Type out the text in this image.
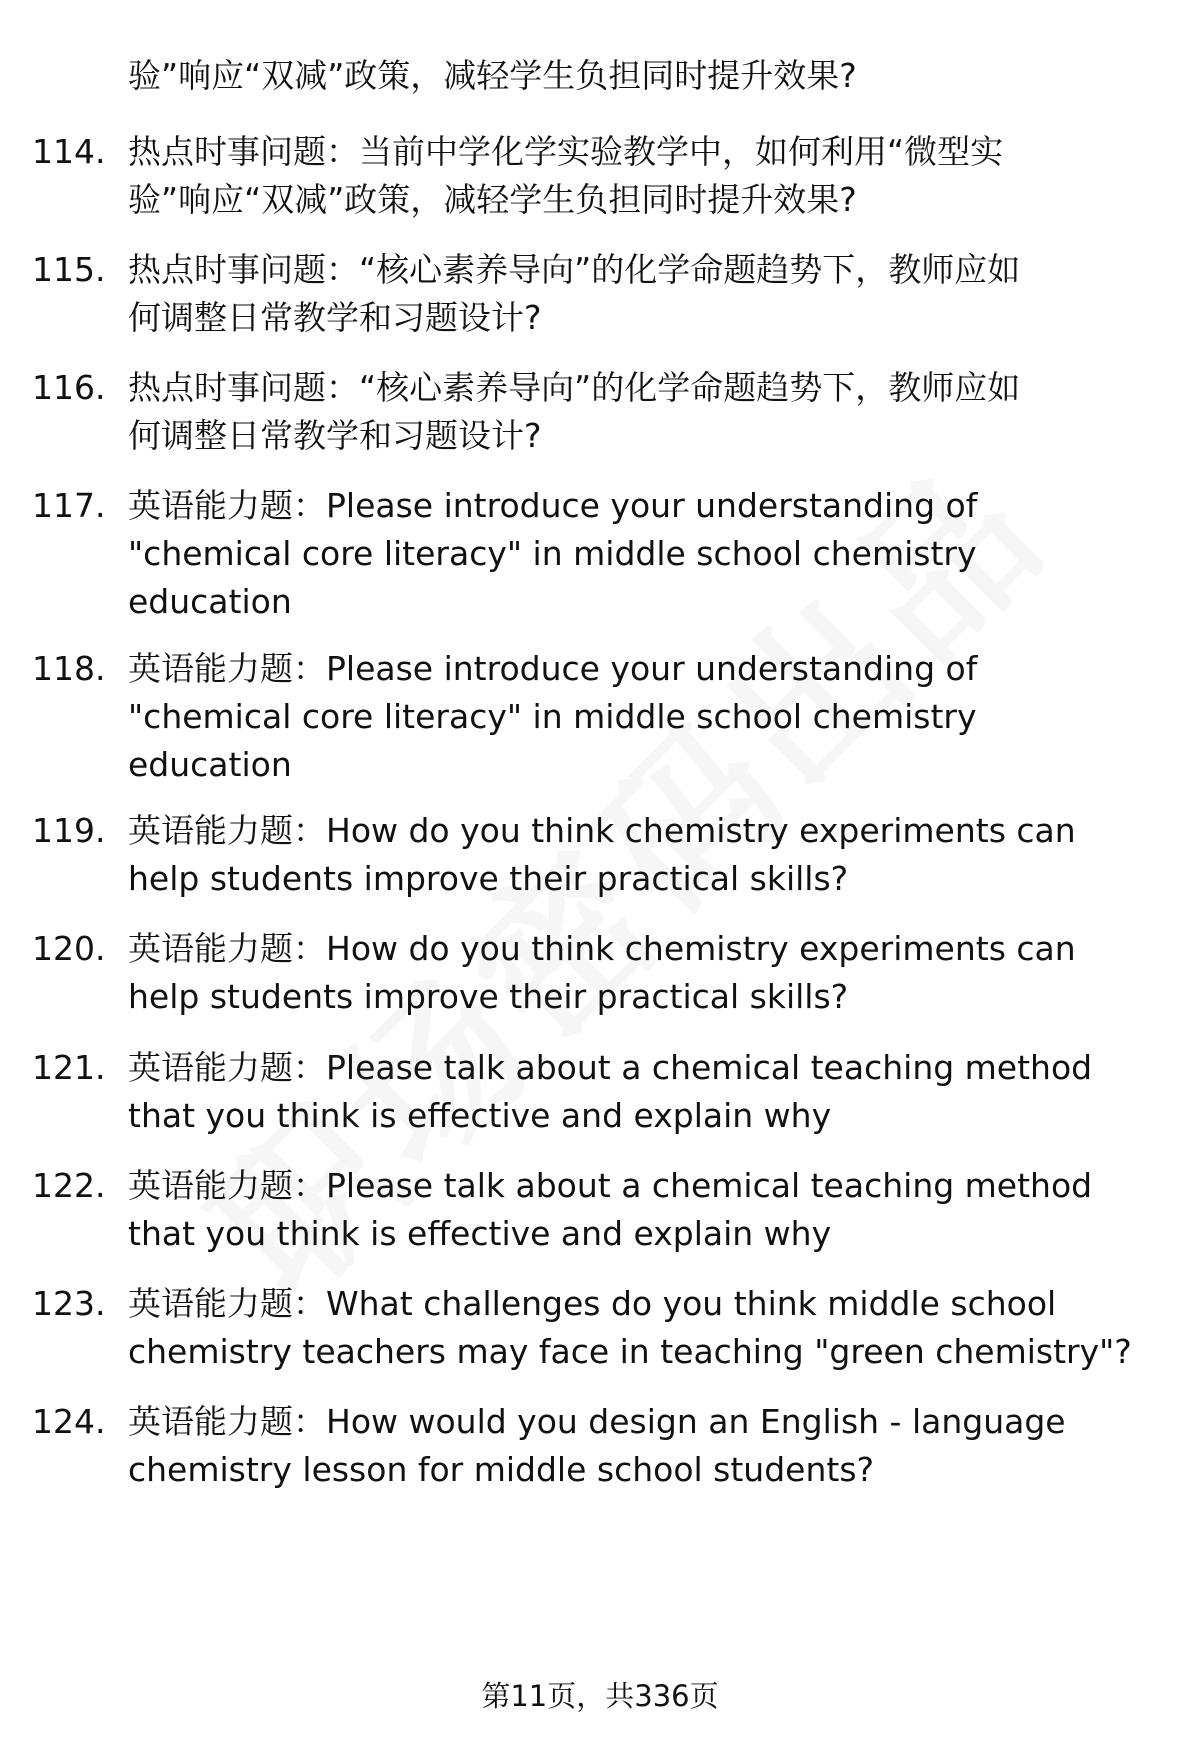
验”响应“双减”政策，减轻学生负担同时提升效果?
114. 热点时事问题：当前中学化学实验教学中，如何利用“微型实
验”响应“双减”政策，减轻学生负担同时提升效果?
115. 热点时事问题：“核心素养导向”的化学命题趋势下，教师应如
何调整日常教学和习题设计?
116. 热点时事问题：“核心素养导向”的化学命题趋势下，教师应如
何调整日常教学和习题设计?
117. 英语能力题：Please introduce your understanding of
"chemical core literacy" in middle school chemistry
education
118. 英语能力题：Please introduce your understanding of
"chemical core literacy" in middle school chemistry
education
119. 英语能力题：How do you think chemistry experiments can
help students improve their practical skills?
120. 英语能力题：How do you think chemistry experiments can
help students improve their practical skills?
121. 英语能力题：Please talk about a chemical teaching method
that you think is effective and explain why
122. 英语能力题：Please talk about a chemical teaching method
that you think is effective and explain why
123. 英语能力题：What challenges do you think middle school
chemistry teachers may face in teaching "green chemistry"?
124. 英语能力题：How would you design an English - language
chemistry lesson for middle school students?
第11页，共336页
